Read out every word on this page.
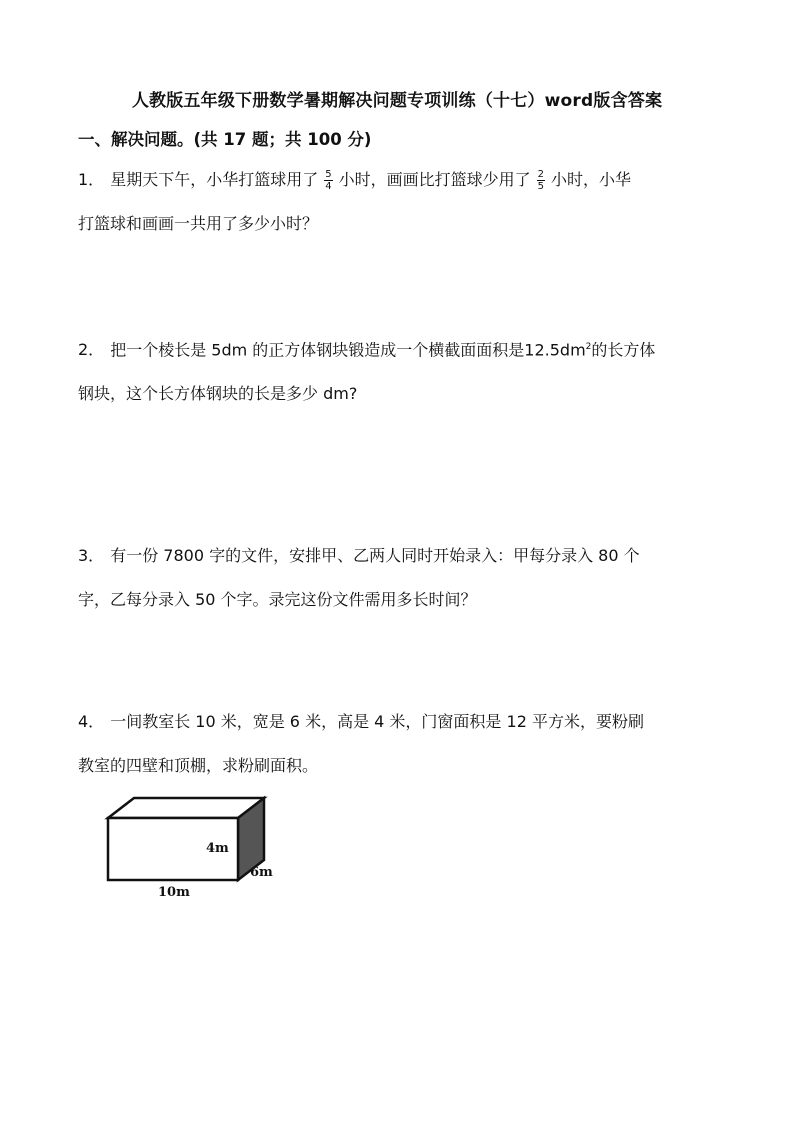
人教版五年级下册数学暑期解决问题专项训练（十七）word版含答案
一、解决问题。(共 17 题；共 100 分)
1． 星期天下午，小华打篮球用了 $\frac{5}{4}$ 小时，画画比打篮球少用了 $\frac{2}{5}$ 小时，小华
打篮球和画画一共用了多少小时？
2． 把一个棱长是 5dm 的正方体钢块锻造成一个横截面面积是$12.5dm^2$的长方体
钢块，这个长方体钢块的长是多少 dm?
3． 有一份 7800 字的文件，安排甲、乙两人同时开始录入：甲每分录入 80 个
字，乙每分录入 50 个字。录完这份文件需用多长时间？
4． 一间教室长 10 米，宽是 6 米，高是 4 米，门窗面积是 12 平方米，要粉刷
教室的四壁和顶棚，求粉刷面积。
4m
6m
10m
